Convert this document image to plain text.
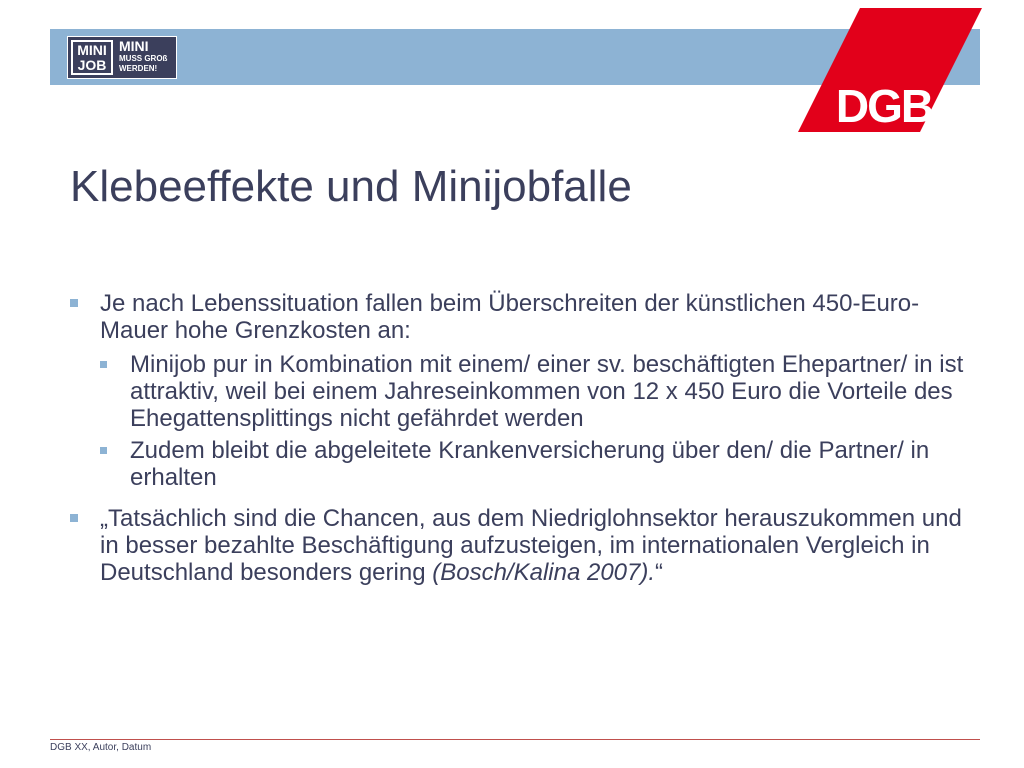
MINI
JOB
MINI
MUSS GROß
WERDEN!
DGB
Klebeeffekte und Minijobfalle
Je nach Lebenssituation fallen beim Überschreiten der künstlichen 450-Euro-Mauer hohe Grenzkosten an:
Minijob pur in Kombination mit einem/ einer sv. beschäftigten Ehepartner/ in ist attraktiv, weil bei einem Jahreseinkommen von 12 x 450 Euro die Vorteile des Ehegattensplittings nicht gefährdet werden
Zudem bleibt die abgeleitete Krankenversicherung über den/ die Partner/ in erhalten
„Tatsächlich sind die Chancen, aus dem Niedriglohnsektor herauszukommen und in besser bezahlte Beschäftigung aufzusteigen, im internationalen Vergleich in Deutschland besonders gering (Bosch/Kalina 2007).“
DGB XX, Autor, Datum
